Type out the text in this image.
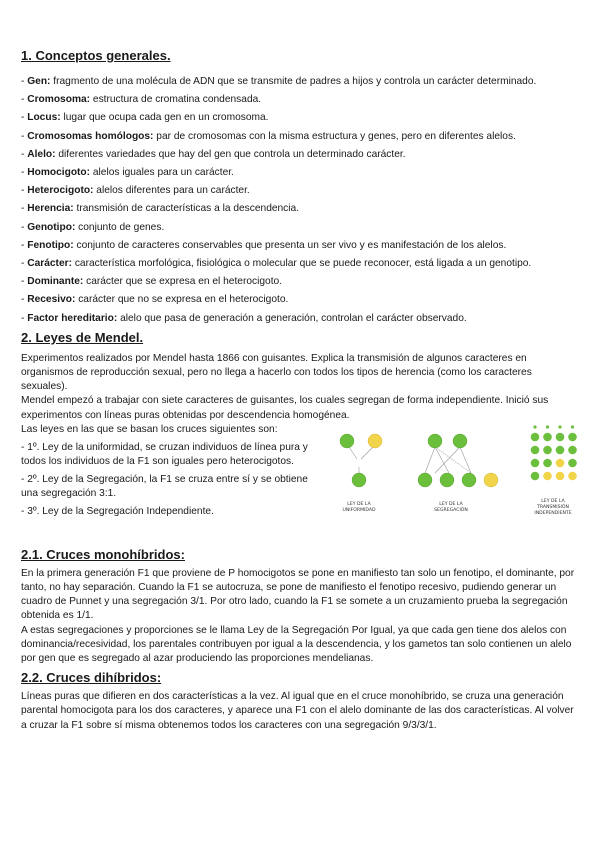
1. Conceptos generales.

- Gen: fragmento de una molécula de ADN que se transmite de padres a hijos y controla un carácter determinado.

- Cromosoma: estructura de cromatina condensada.

- Locus: lugar que ocupa cada gen en un cromosoma.

- Cromosomas homólogos: par de cromosomas con la misma estructura y genes, pero en diferentes alelos.

- Alelo: diferentes variedades que hay del gen que controla un determinado carácter.

- Homocigoto: alelos iguales para un carácter.

- Heterocigoto: alelos diferentes para un carácter.

- Herencia: transmisión de características a la descendencia.

- Genotipo: conjunto de genes.

- Fenotipo: conjunto de caracteres conservables que presenta un ser vivo y es manifestación de los alelos.

- Carácter: característica morfológica, fisiológica o molecular que se puede reconocer, está ligada a un genotipo.

- Dominante: carácter que se expresa en el heterocigoto.

- Recesivo: carácter que no se expresa en el heterocigoto.

- Factor hereditario: alelo que pasa de generación a generación, controlan el carácter observado.

2. Leyes de Mendel.

Experimentos realizados por Mendel hasta 1866 con guisantes. Explica la transmisión de algunos caracteres en organismos de reproducción sexual, pero no llega a hacerlo con todos los tipos de herencia (como los caracteres sexuales).

Mendel empezó a trabajar con siete caracteres de guisantes, los cuales segregan de forma independiente. Inició sus experimentos con líneas puras obtenidas por descendencia homogénea.

Las leyes en las que se basan los cruces siguientes son:

- 1º. Ley de la uniformidad, se cruzan individuos de línea pura y todos los individuos de la F1 son iguales pero heterocigotos.

- 2º. Ley de la Segregación, la F1 se cruza entre sí y se obtiene una segregación 3:1.

- 3º. Ley de la Segregación Independiente.

LEY DE LA
UNIFORMIDAD
LEY DE LA
SEGREGACIÓN
LEY DE LA
TRANSMISIÓN
INDEPENDIENTE
2.1. Cruces monohíbridos:

En la primera generación F1 que proviene de P homocigotos se pone en manifiesto tan solo un fenotipo, el dominante, por tanto, no hay separación. Cuando la F1 se autocruza, se pone de manifiesto el fenotipo recesivo, pudiendo generar un cuadro de Punnet y una segregación 3/1. Por otro lado, cuando la F1 se somete a un cruzamiento prueba la segregación obtenida es 1/1.

A estas segregaciones y proporciones se le llama Ley de la Segregación Por Igual, ya que cada gen tiene dos alelos con dominancia/recesividad, los parentales contribuyen por igual a la descendencia, y los gametos tan solo contienen un alelo por gen que es segregado al azar produciendo las proporciones mendelianas.

2.2. Cruces dihíbridos:

Líneas puras que difieren en dos características a la vez. Al igual que en el cruce monohíbrido, se cruza una generación parental homocigota para los dos caracteres, y aparece una F1 con el alelo dominante de las dos características. Al volver a cruzar la F1 sobre sí misma obtenemos todos los caracteres con una segregación 9/3/3/1.
